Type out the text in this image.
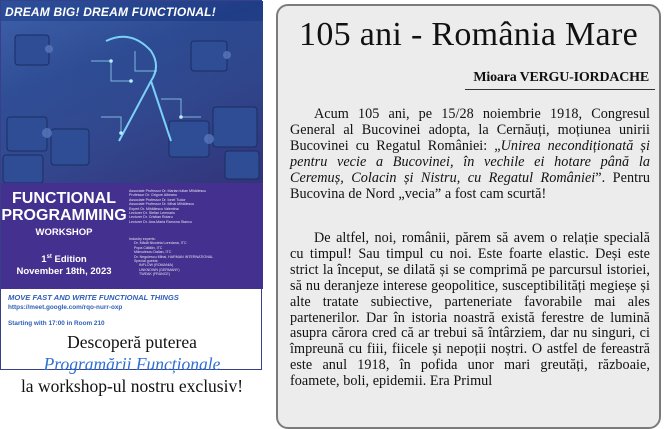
DREAM BIG! DREAM FUNCTIONAL!
FUNCTIONAL
PROGRAMMING
WORKSHOP
1st Edition
November 18th, 2023
Associate Professor Dr. Marian Iulian Mihăilescu
Professor Dr. Grigore Albeanu
Associate Professor Dr. Ionel Tudor
Associate Professor Dr. Mihai Mihăilescu
Expert Dr. Mihăilescu Valentina
Lecturer Dr. Stefan Lemnariu
Lecturer Dr. Cristian Rotaru
Lecturer Dr. Ana-Maria Ramona Stancu
Industry experts:
Dr. Mădă Nicoleta Loredana, ITC
Popa Cătălin, ITC
Mărculescu Dalian, ITC
Dr. Negulescu Mihai, HARMAN INTERNATIONAL
Special guests:
INFLOW (ROMANIA)
UNKNOWN (GERMANY)
TWEAK (FRANCE)
MOVE FAST AND WRITE FUNCTIONAL THINGS
https://meet.google.com/rqo-nurr-oxp
Starting with 17:00 in Room 210
Descoperă puterea
Programării Funcționale
la workshop-ul nostru exclusiv!
105 ani - România Mare
Mioara VERGU-IORDACHE

Acum 105 ani, pe 15/28 noiembrie 1918, Congresul General al Bucovinei adopta, la Cernăuți, moțiunea unirii Bucovinei cu Regatul României: „Unirea necondiționată și pentru vecie a Bucovinei, în vechile ei hotare până la Ceremuș, Colacin și Nistru, cu Regatul României”. Pentru Bucovina de Nord „vecia” a fost cam scurtă!

De altfel, noi, românii, părem să avem o relație specială cu timpul! Sau timpul cu noi. Este foarte elastic. Deși este strict la început, se dilată și se comprimă pe parcursul istoriei, să nu deranjeze interese geopolitice, susceptibilități megieșe și alte tratate subiective, parteneriate favorabile mai ales partenerilor. Dar în istoria noastră există ferestre de lumină asupra cărora cred că ar trebui să întârziem, dar nu singuri, ci împreună cu fiii, fiicele și nepoții noștri. O astfel de fereastră este anul 1918, în pofida unor mari greutăți, războaie, foamete, boli, epidemii. Era Primul
